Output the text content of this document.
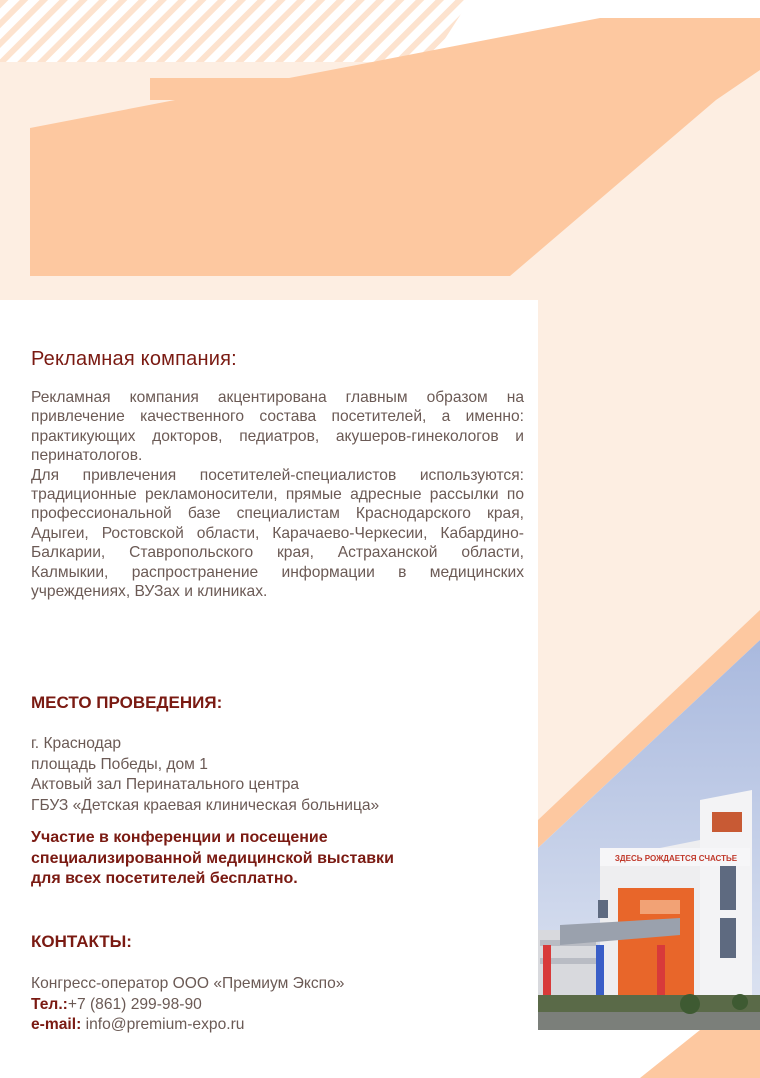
ЗДЕСЬ РОЖДАЕТСЯ СЧАСТЬЕ
Рекламная компания:

Рекламная компания акцентирована главным образом на привлечение качественного состава посетителей, а именно: практикующих докторов, педиатров, акушеров-гинекологов и перинатологов.

Для привлечения посетителей-специалистов используются: традиционные рекламоносители, прямые адресные рассылки по профессиональной базе специалистам Краснодарского края, Адыгеи, Ростовской области, Карачаево-Черкесии, Кабардино-Балкарии, Ставропольского края, Астраханской области, Калмыкии, распространение информации в медицинских учреждениях, ВУЗах и клиниках.

МЕСТО ПРОВЕДЕНИЯ:
г. Краснодар
площадь Победы, дом 1
Актовый зал Перинатального центра
ГБУЗ «Детская краевая клиническая больница»
Участие в конференции и посещение
специализированной медицинской выставки
для всех посетителей бесплатно.
КОНТАКТЫ:
Конгресс-оператор ООО «Премиум Экспо»
Тел.:+7 (861) 299-98-90
e-mail: info@premium-expo.ru
